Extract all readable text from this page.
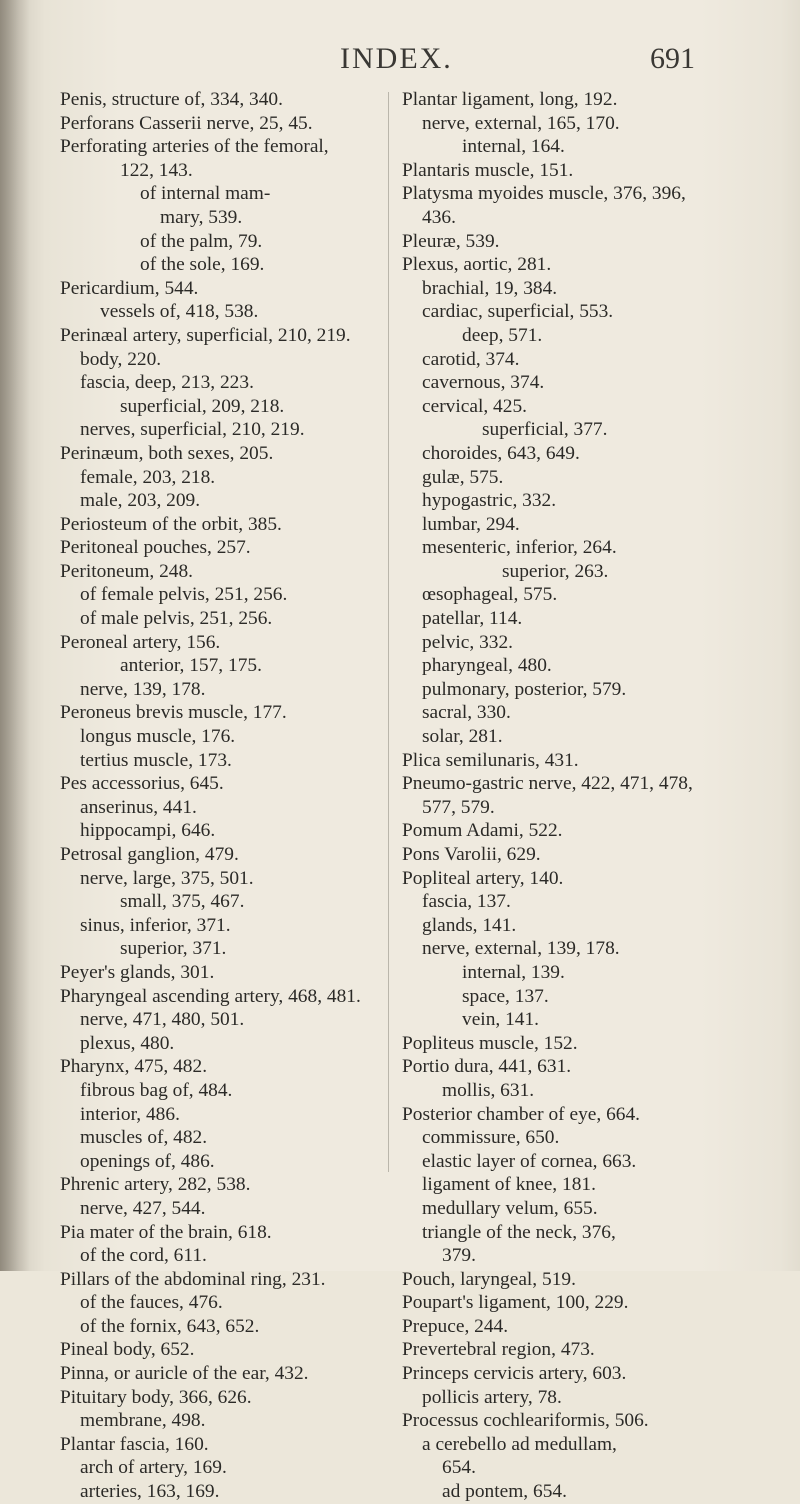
INDEX.	691
Penis, structure of, 334, 340.
Perforans Casserii nerve, 25, 45.
Perforating arteries of the femoral,
122, 143.
of internal mam-
mary, 539.
of the palm, 79.
of the sole, 169.
Pericardium, 544.
vessels of, 418, 538.
Perinæal artery, superficial, 210, 219.
body, 220.
fascia, deep, 213, 223.
superficial, 209, 218.
nerves, superficial, 210, 219.
Perinæum, both sexes, 205.
female, 203, 218.
male, 203, 209.
Periosteum of the orbit, 385.
Peritoneal pouches, 257.
Peritoneum, 248.
of female pelvis, 251, 256.
of male pelvis, 251, 256.
Peroneal artery, 156.
anterior, 157, 175.
nerve, 139, 178.
Peroneus brevis muscle, 177.
longus muscle, 176.
tertius muscle, 173.
Pes accessorius, 645.
anserinus, 441.
hippocampi, 646.
Petrosal ganglion, 479.
nerve, large, 375, 501.
small, 375, 467.
sinus, inferior, 371.
superior, 371.
Peyer's glands, 301.
Pharyngeal ascending artery, 468, 481.
nerve, 471, 480, 501.
plexus, 480.
Pharynx, 475, 482.
fibrous bag of, 484.
interior, 486.
muscles of, 482.
openings of, 486.
Phrenic artery, 282, 538.
nerve, 427, 544.
Pia mater of the brain, 618.
of the cord, 611.
Pillars of the abdominal ring, 231.
of the fauces, 476.
of the fornix, 643, 652.
Pineal body, 652.
Pinna, or auricle of the ear, 432.
Pituitary body, 366, 626.
membrane, 498.
Plantar fascia, 160.
arch of artery, 169.
arteries, 163, 169.
Plantar ligament, long, 192.
nerve, external, 165, 170.
internal, 164.
Plantaris muscle, 151.
Platysma myoides muscle, 376, 396,
436.
Pleuræ, 539.
Plexus, aortic, 281.
brachial, 19, 384.
cardiac, superficial, 553.
deep, 571.
carotid, 374.
cavernous, 374.
cervical, 425.
superficial, 377.
choroides, 643, 649.
gulæ, 575.
hypogastric, 332.
lumbar, 294.
mesenteric, inferior, 264.
superior, 263.
œsophageal, 575.
patellar, 114.
pelvic, 332.
pharyngeal, 480.
pulmonary, posterior, 579.
sacral, 330.
solar, 281.
Plica semilunaris, 431.
Pneumo-gastric nerve, 422, 471, 478,
577, 579.
Pomum Adami, 522.
Pons Varolii, 629.
Popliteal artery, 140.
fascia, 137.
glands, 141.
nerve, external, 139, 178.
internal, 139.
space, 137.
vein, 141.
Popliteus muscle, 152.
Portio dura, 441, 631.
mollis, 631.
Posterior chamber of eye, 664.
commissure, 650.
elastic layer of cornea, 663.
ligament of knee, 181.
medullary velum, 655.
triangle of the neck, 376,
379.
Pouch, laryngeal, 519.
Poupart's ligament, 100, 229.
Prepuce, 244.
Prevertebral region, 473.
Princeps cervicis artery, 603.
pollicis artery, 78.
Processus cochleariformis, 506.
a cerebello ad medullam,
654.
ad pontem, 654.
